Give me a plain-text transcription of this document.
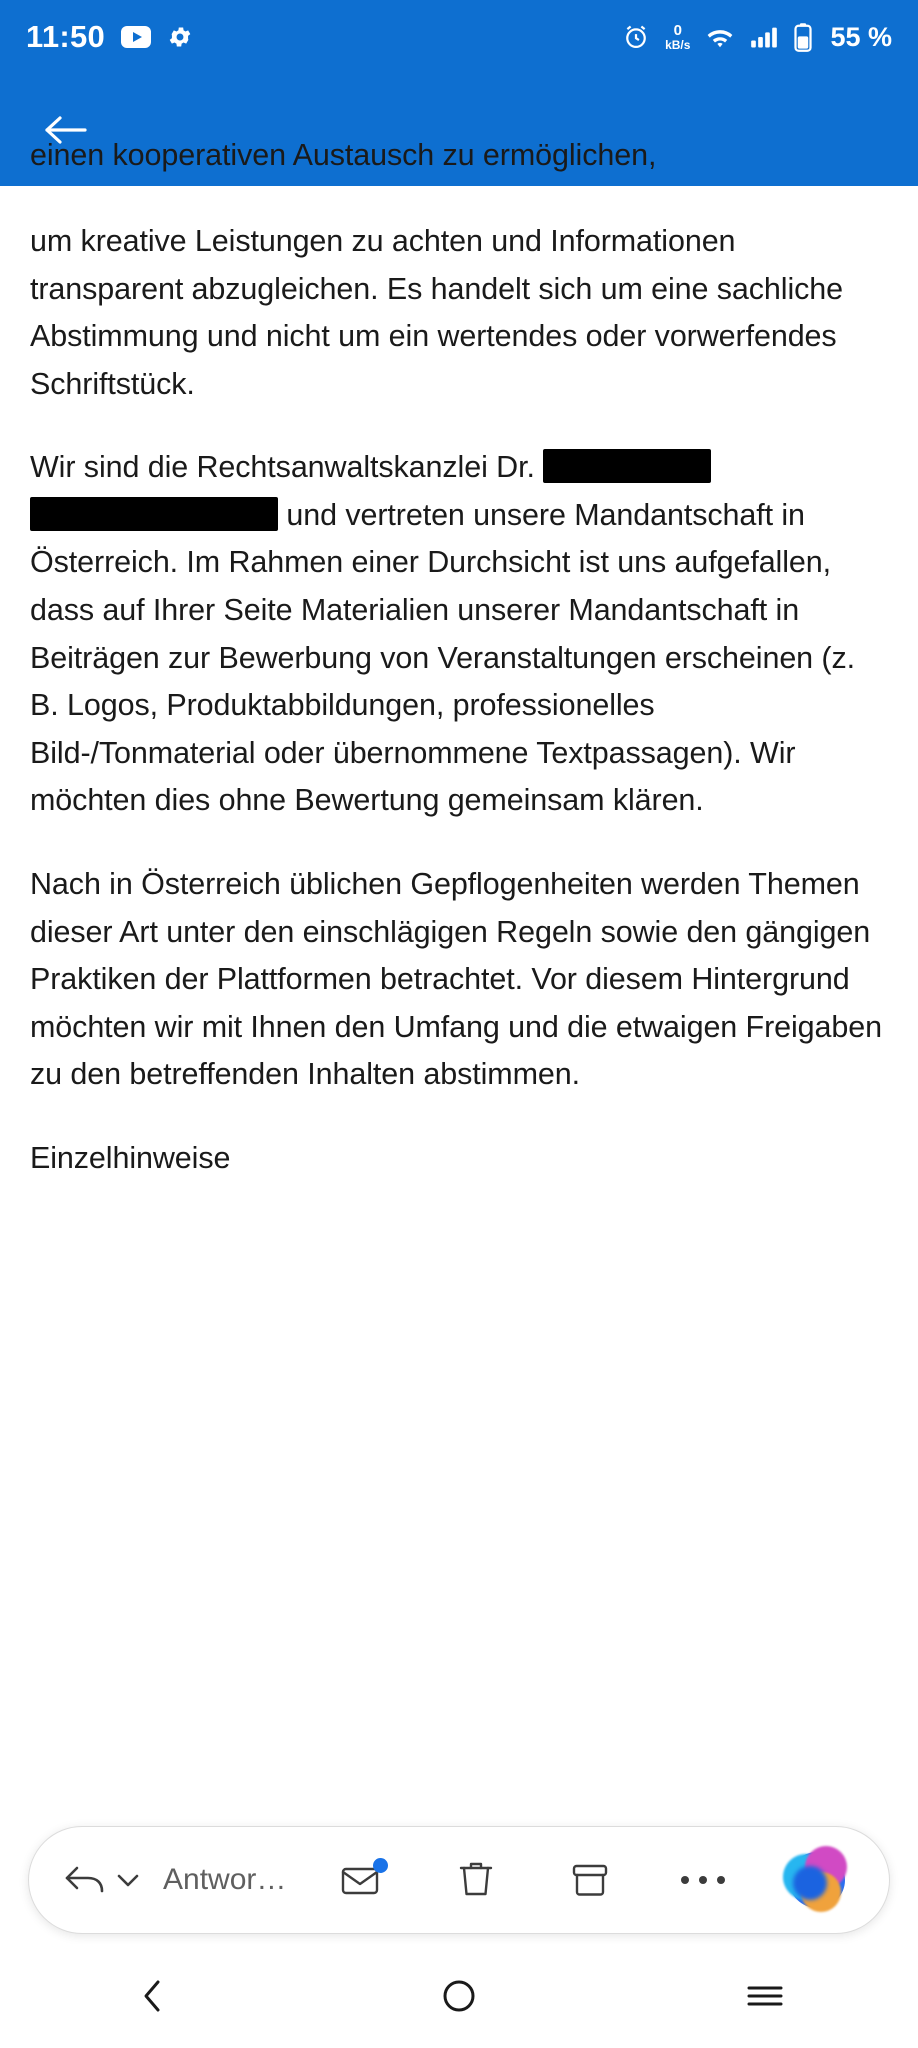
11:50	0
kB/s	55 %
einen kooperativen Austausch zu ermöglichen,

um kreative Leistungen zu achten und Informationen transparent abzugleichen. Es handelt sich um eine sachliche Abstimmung und nicht um ein wertendes oder vorwerfendes Schriftstück.

Wir sind die Rechtsanwaltskanzlei Dr.  und vertreten unsere Mandantschaft in Österreich. Im Rahmen einer Durchsicht ist uns aufgefallen, dass auf Ihrer Seite Materialien unserer Mandantschaft in Beiträgen zur Bewerbung von Veranstaltungen erscheinen (z. B. Logos, Produktabbildungen, professionelles Bild-/Tonmaterial oder übernommene Textpassagen). Wir möchten dies ohne Bewertung gemeinsam klären.

Nach in Österreich üblichen Gepflogenheiten werden Themen dieser Art unter den einschlägigen Regeln sowie den gängigen Praktiken der Plattformen betrachtet. Vor diesem Hintergrund möchten wir mit Ihnen den Umfang und die etwaigen Freigaben zu den betreffenden Inhalten abstimmen.

Einzelhinweise

Antwor…
